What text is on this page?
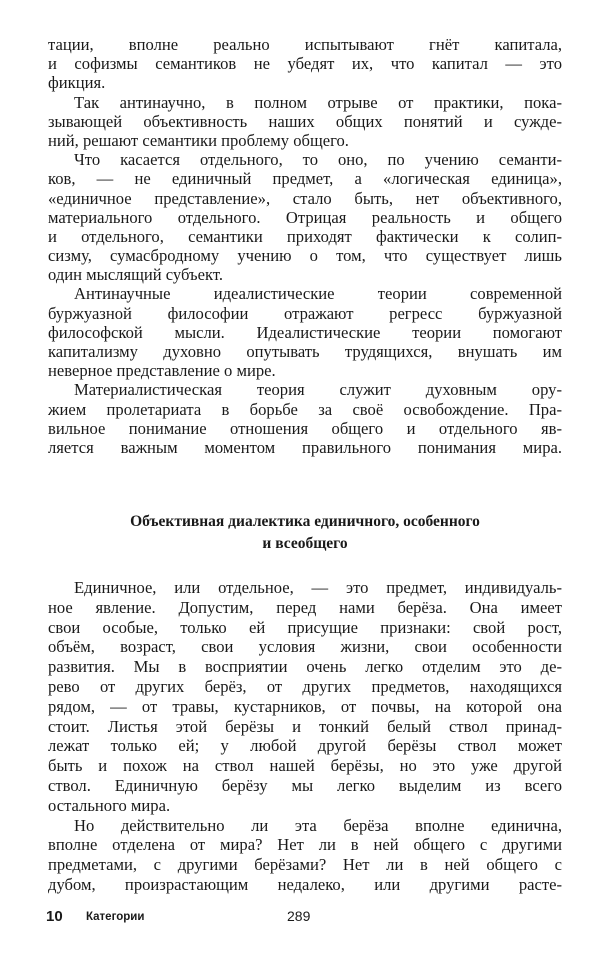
тации, вполне реально испытывают гнёт капитала,
и софизмы семантиков не убедят их, что капитал — это
фикция.
Так антинаучно, в полном отрыве от практики, пока-
зывающей объективность наших общих понятий и сужде-
ний, решают семантики проблему общего.
Что касается отдельного, то оно, по учению семанти-
ков, — не единичный предмет, а «логическая единица»,
«единичное представление», стало быть, нет объективного,
материального отдельного. Отрицая реальность и общего
и отдельного, семантики приходят фактически к солип-
сизму, сумасбродному учению о том, что существует лишь
один мыслящий субъект.
Антинаучные идеалистические теории современной
буржуазной философии отражают регресс буржуазной
философской мысли. Идеалистические теории помогают
капитализму духовно опутывать трудящихся, внушать им
неверное представление о мире.
Материалистическая теория служит духовным ору-
жием пролетариата в борьбе за своё освобождение. Пра-
вильное понимание отношения общего и отдельного яв-
ляется важным моментом правильного понимания мира.
Объективная диалектика единичного, особенного
и всеобщего
Единичное, или отдельное, — это предмет, индивидуаль-
ное явление. Допустим, перед нами берёза. Она имеет
свои особые, только ей присущие признаки: свой рост,
объём, возраст, свои условия жизни, свои особенности
развития. Мы в восприятии очень легко отделим это де-
рево от других берёз, от других предметов, находящихся
рядом, — от травы, кустарников, от почвы, на которой она
стоит. Листья этой берёзы и тонкий белый ствол принад-
лежат только ей; у любой другой берёзы ствол может
быть и похож на ствол нашей берёзы, но это уже другой
ствол. Единичную берёзу мы легко выделим из всего
остального мира.
Но действительно ли эта берёза вполне единична,
вполне отделена от мира? Нет ли в ней общего с другими
предметами, с другими берёзами? Нет ли в ней общего с
дубом, произрастающим недалеко, или другими расте-
10 Категории	289
